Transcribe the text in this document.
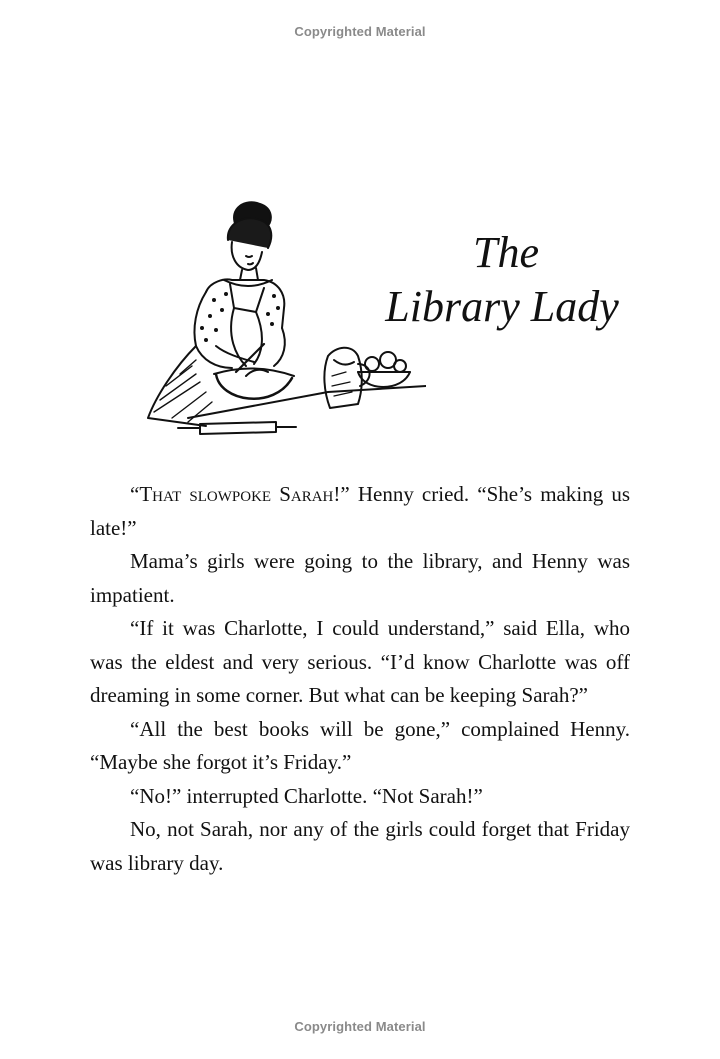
Copyrighted Material
The
Library Lady

“That slowpoke Sarah!” Henny cried. “She’s making us late!”

Mama’s girls were going to the library, and Henny was impatient.

“If it was Charlotte, I could understand,” said Ella, who was the eldest and very serious. “I’d know Charlotte was off dreaming in some corner. But what can be keeping Sarah?”

“All the best books will be gone,” complained Henny. “Maybe she forgot it’s Friday.”

“No!” interrupted Charlotte. “Not Sarah!”

No, not Sarah, nor any of the girls could forget that Friday was library day.

Copyrighted Material
